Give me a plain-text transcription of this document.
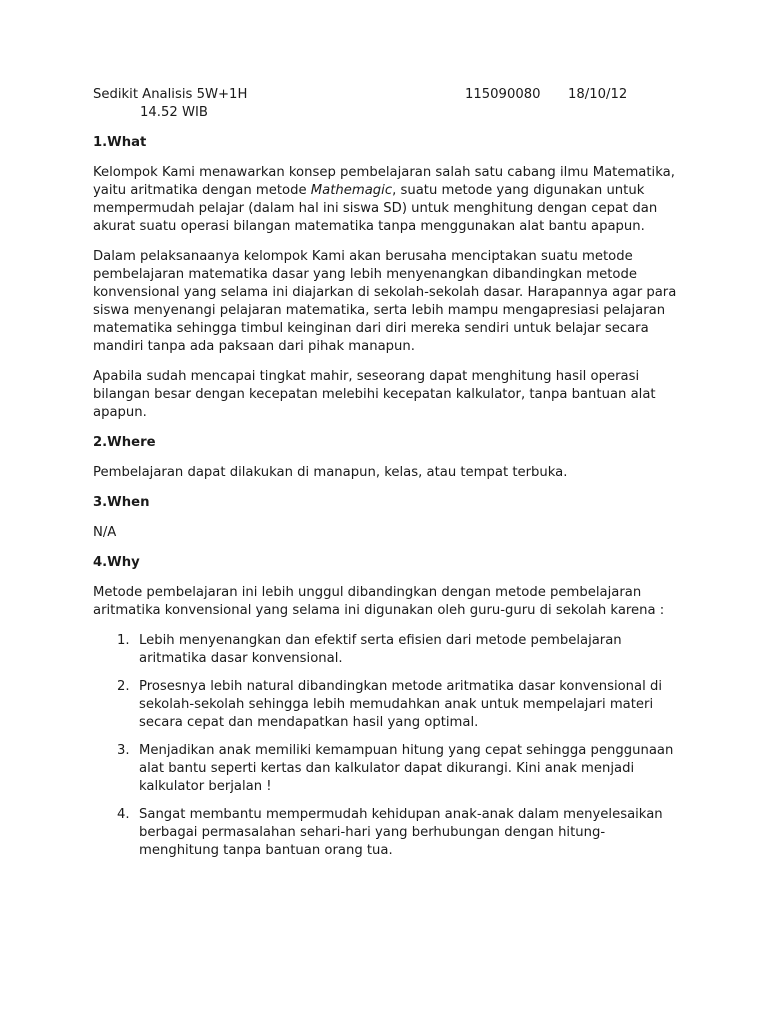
Sedikit Analisis 5W+1H	115090080 18/10/12
14.52 WIB
1.What

Kelompok Kami menawarkan konsep pembelajaran salah satu cabang ilmu Matematika, yaitu aritmatika dengan metode Mathemagic, suatu metode yang digunakan untuk mempermudah pelajar (dalam hal ini siswa SD) untuk menghitung dengan cepat dan akurat suatu operasi bilangan matematika tanpa menggunakan alat bantu apapun.

Dalam pelaksanaanya kelompok Kami akan berusaha menciptakan suatu metode pembelajaran matematika dasar yang lebih menyenangkan dibandingkan metode konvensional yang selama ini diajarkan di sekolah-sekolah dasar. Harapannya agar para siswa menyenangi pelajaran matematika, serta lebih mampu mengapresiasi pelajaran matematika sehingga timbul keinginan dari diri mereka sendiri untuk belajar secara mandiri tanpa ada paksaan dari pihak manapun.

Apabila sudah mencapai tingkat mahir, seseorang dapat menghitung hasil operasi bilangan besar dengan kecepatan melebihi kecepatan kalkulator, tanpa bantuan alat apapun.

2.Where

Pembelajaran dapat dilakukan di manapun, kelas, atau tempat terbuka.

3.When

N/A

4.Why

Metode pembelajaran ini lebih unggul dibandingkan dengan metode pembelajaran aritmatika konvensional yang selama ini digunakan oleh guru-guru di sekolah karena :

1. Lebih menyenangkan dan efektif serta efisien dari metode pembelajaran aritmatika dasar konvensional.
2. Prosesnya lebih natural dibandingkan metode aritmatika dasar konvensional di sekolah-sekolah sehingga lebih memudahkan anak untuk mempelajari materi secara cepat dan mendapatkan hasil yang optimal.
3. Menjadikan anak memiliki kemampuan hitung yang cepat sehingga penggunaan alat bantu seperti kertas dan kalkulator dapat dikurangi. Kini anak menjadi kalkulator berjalan !
4. Sangat membantu mempermudah kehidupan anak-anak dalam menyelesaikan berbagai permasalahan sehari-hari yang berhubungan dengan hitung-menghitung tanpa bantuan orang tua.
